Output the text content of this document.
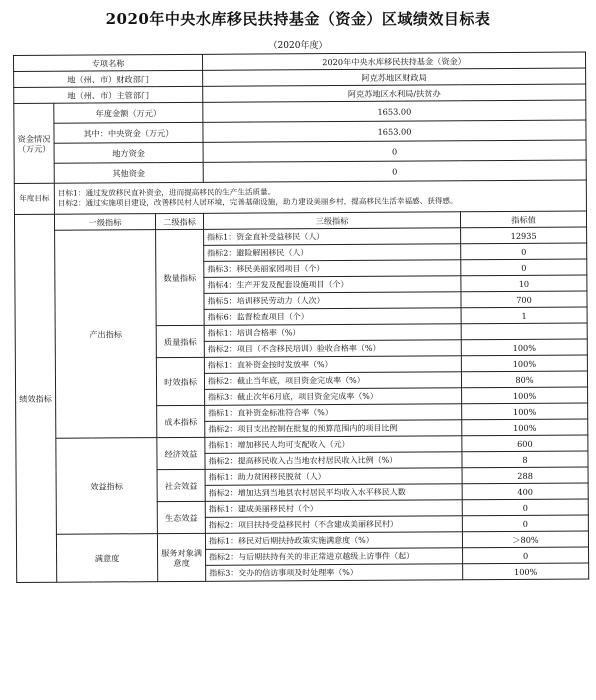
2020年中央水库移民扶持基金（资金）区域绩效目标表
（2020年度）
专项名称			2020年中央水库移民扶持基金（资金）	
地（州、市）财政部门			阿克苏地区财政局	
地（州、市）主管部门			阿克苏地区水利局/扶贫办	
资金情况（万元）	年度金额（万元）		1653.00	
	其中：中央资金（万元）		1653.00	
	地方资金		0	
	其他资金		0	
年度目标	目标1：通过发放移民直补资金，进而提高移民的生产生活质量。
目标2：通过实施项目建设，改善移民村人居环境，完善基础设施，助力建设美丽乡村，提高移民生活幸福感、获得感。			

绩效指标	一级指标	二级指标	三级指标	指标值
	产出指标	数量指标	指标1：资金直补受益移民（人）	12935
			指标2：避险解困移民（人）	0
			指标3：移民美丽家园项目（个）	0
			指标4：生产开发及配套设施项目（个）	10
			指标5：培训移民劳动力（人次）	700
			指标6：监督检查项目（个）	1
		质量指标	指标1：培训合格率（%）	
			指标2：项目（不含移民培训）验收合格率（%）	100%
		时效指标	指标1：直补资金按时发放率（%）	100%
			指标2：截止当年底，项目资金完成率（%）	80%
			指标3：截止次年6月底，项目资金完成率（%）	100%
		成本指标	指标1：直补资金标准符合率（%）	100%
			指标2：项目支出控制在批复的预算范围内的项目比例	100%
	效益指标	经济效益	指标1：增加移民人均可支配收入（元）	600
			指标2：提高移民收入占当地农村居民收入比例（%）	8
		社会效益	指标1：助力贫困移民脱贫（人）	288
			指标2：增加达到当地县农村居民平均收入水平移民人数	400
		生态效益	指标1：建成美丽移民村（个）	0
			指标2：项目扶持受益移民村（不含建成美丽移民村）	0
	满意度	服务对象满意度	指标1：移民对后期扶持政策实施满意度（%）	＞80%
			指标2：与后期扶持有关的非正常进京越级上访事件（起）	0
			指标3：交办的信访事项及时处理率（%）	100%
